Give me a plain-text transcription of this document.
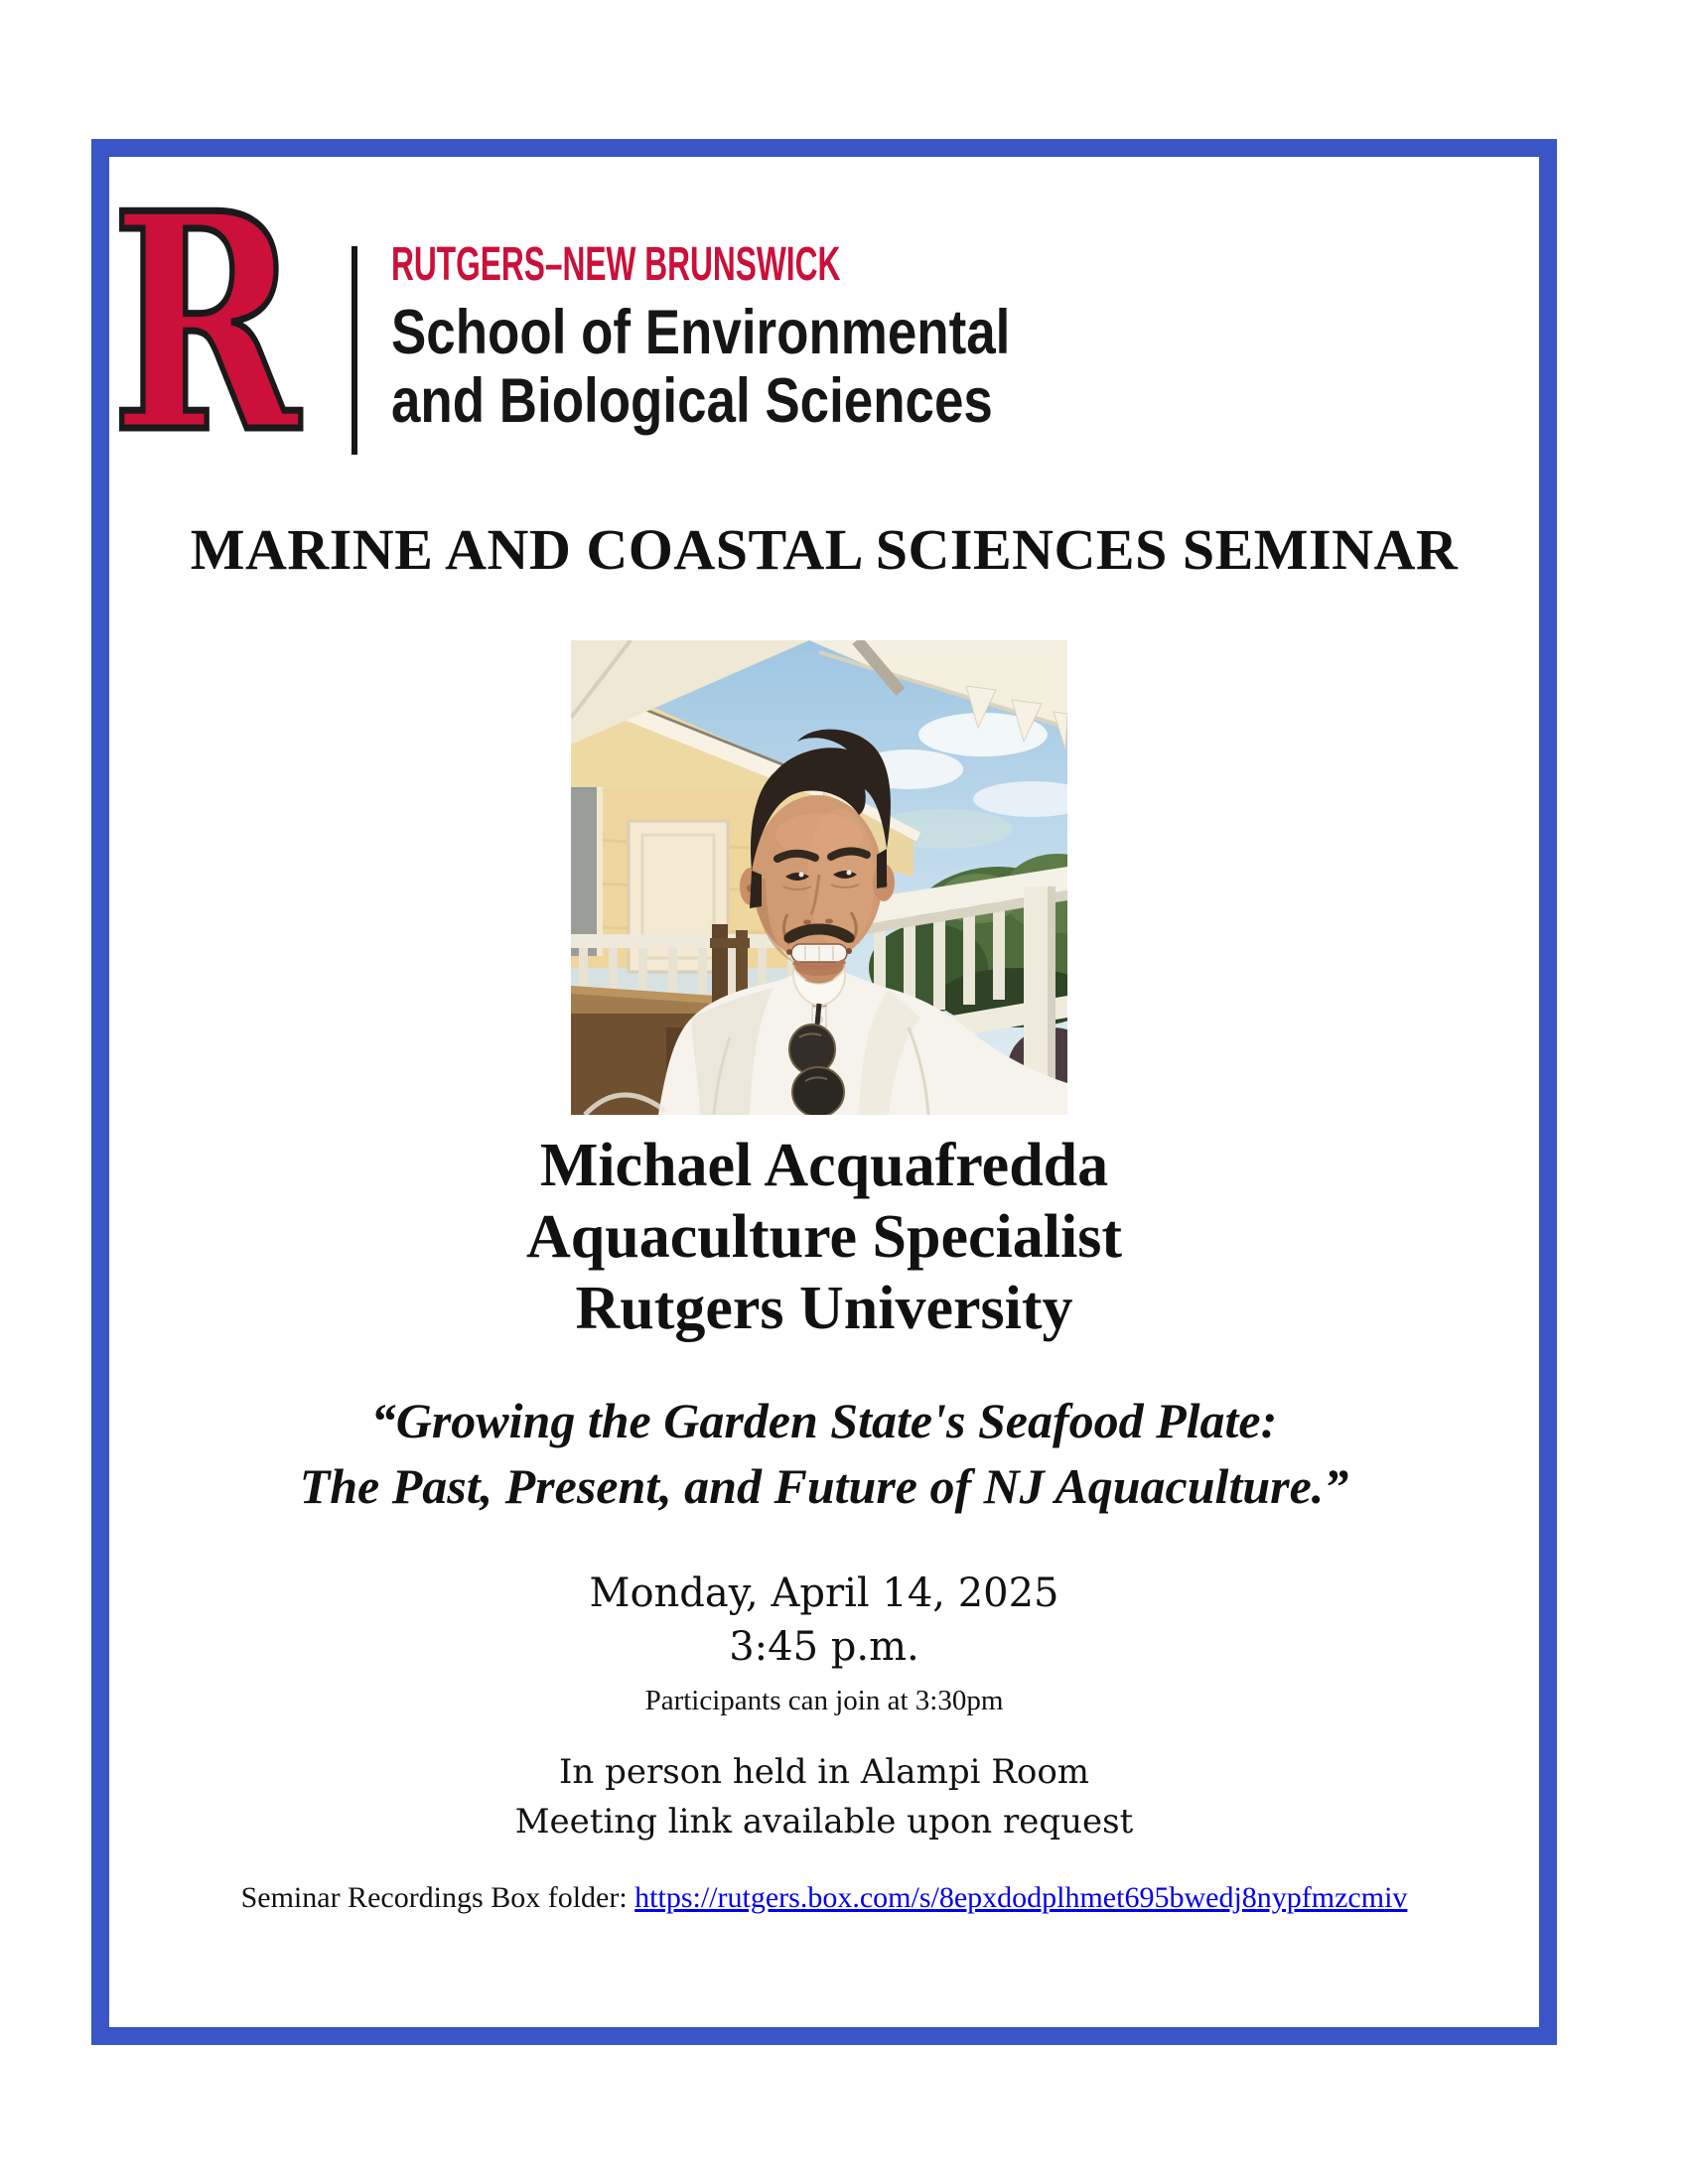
R RUTGERS–NEW BRUNSWICK
School of Environmental
and Biological Sciences
MARINE AND COASTAL SCIENCES SEMINAR
Michael Acquafredda
Aquaculture Specialist
Rutgers University
“Growing the Garden State's Seafood Plate:
The Past, Present, and Future of NJ Aquaculture.”
Monday, April 14, 2025
3:45 p.m.
Participants can join at 3:30pm
In person held in Alampi Room
Meeting link available upon request
Seminar Recordings Box folder: https://rutgers.box.com/s/8epxdodplhmet695bwedj8nypfmzcmiv
